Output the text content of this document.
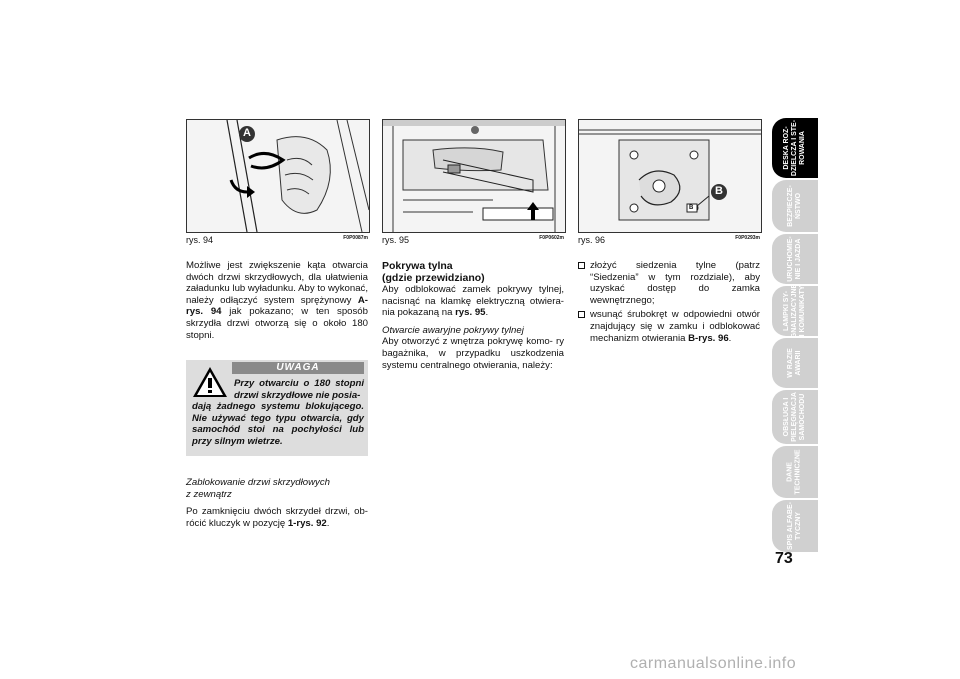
A
rys. 94	F0P0087m rys. 95	F0P0602m
B
B
rys. 96	F0P0293m

Możliwe jest zwiększenie kąta otwarcia dwóch drzwi skrzydłowych, dla ułatwienia załadunku lub wyładunku. Aby to wykonać, należy odłączyć system sprężynowy A-rys. 94 jak pokazano; w ten sposób skrzydła drzwi otworzą się o około 180 stopni.

UWAGA
Przy otwarciu o 180 stopni drzwi skrzydłowe nie posia-
dają żadnego systemu blokującego. Nie używać tego typu otwarcia, gdy samochód stoi na pochyłości lub przy silnym wietrze.

Zablokowanie drzwi skrzydłowych z zewnątrz

Po zamknięciu dwóch skrzydeł drzwi, ob- rócić kluczyk w pozycję 1-rys. 92.

Pokrywa tylna

(gdzie przewidziano)

Aby odblokować zamek pokrywy tylnej, nacisnąć na klamkę elektryczną otwiera- nia pokazaną na rys. 95.

Otwarcie awaryjne pokrywy tylnej

Aby otworzyć z wnętrza pokrywę komo- ry bagażnika, w przypadku uszkodzenia systemu centralnego otwierania, należy:

złożyć siedzenia tylne (patrz “Siedzenia” w tym rozdziale), aby uzyskać dostęp do zamka wewnętrznego;

wsunąć śrubokręt w odpowiedni otwór znajdujący się w zamku i odblokować mechanizm otwierania B-rys. 96.

DESKA ROZ-
DZIELCZA I STE-
ROWANIA
BEZPIECZE-
ŃSTWO
URUCHOMIE-
NIE I JAZDA
LAMPKI SY-
GNALIZACYJNE
I KOMUNIKATY
W RAZIE
AWARII
OBSŁUGA I
PIELĘGNACJA
SAMOCHODU
DANE
TECHNICZNE
SPIS ALFABE-
TYCZNY
73
carmanualsonline.info
